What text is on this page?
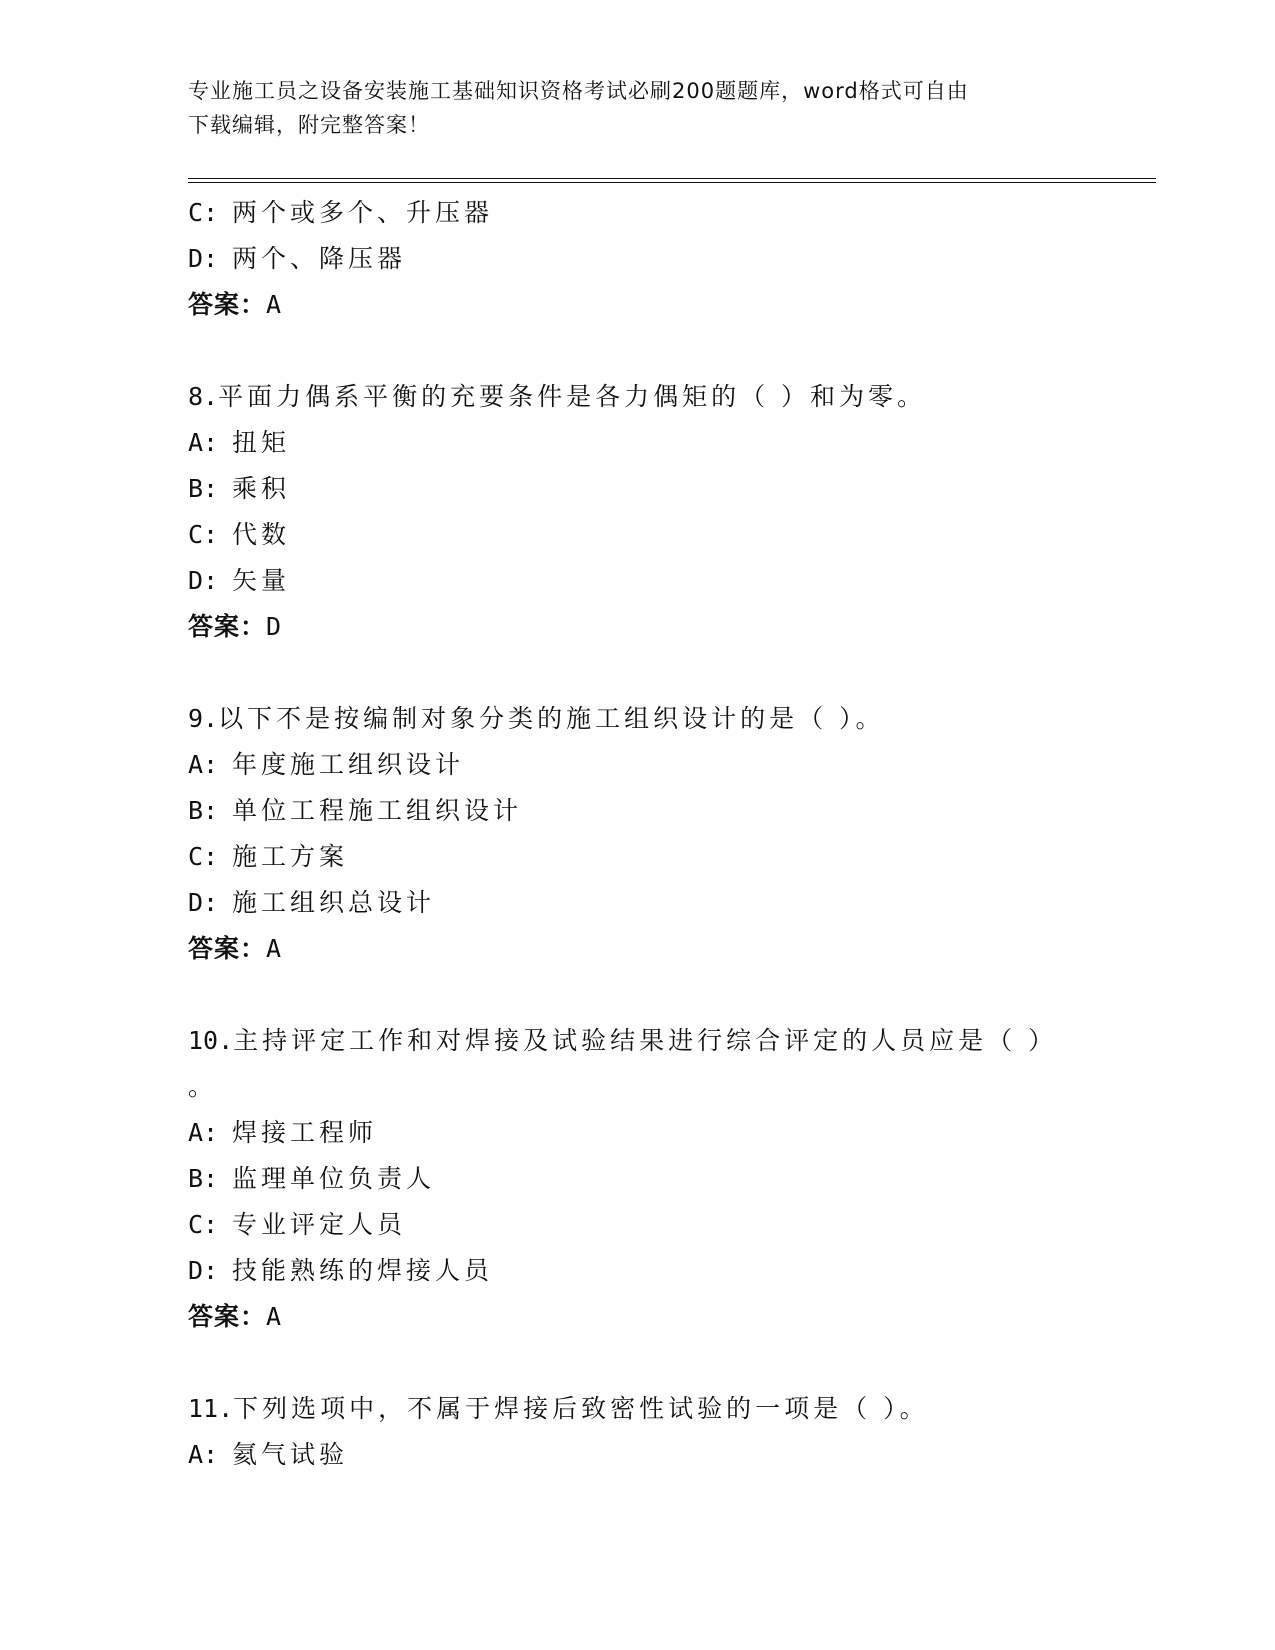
专业施工员之设备安装施工基础知识资格考试必刷200题题库，word格式可自由
下载编辑，附完整答案！
C: 两个或多个、升压器
D: 两个、降压器
答案：A
8.平面力偶系平衡的充要条件是各力偶矩的（ ）和为零。
A: 扭矩
B: 乘积
C: 代数
D: 矢量
答案：D
9.以下不是按编制对象分类的施工组织设计的是（ ）。
A: 年度施工组织设计
B: 单位工程施工组织设计
C: 施工方案
D: 施工组织总设计
答案：A
10.主持评定工作和对焊接及试验结果进行综合评定的人员应是（ ）
。
A: 焊接工程师
B: 监理单位负责人
C: 专业评定人员
D: 技能熟练的焊接人员
答案：A
11.下列选项中，不属于焊接后致密性试验的一项是（ ）。
A: 氦气试验
